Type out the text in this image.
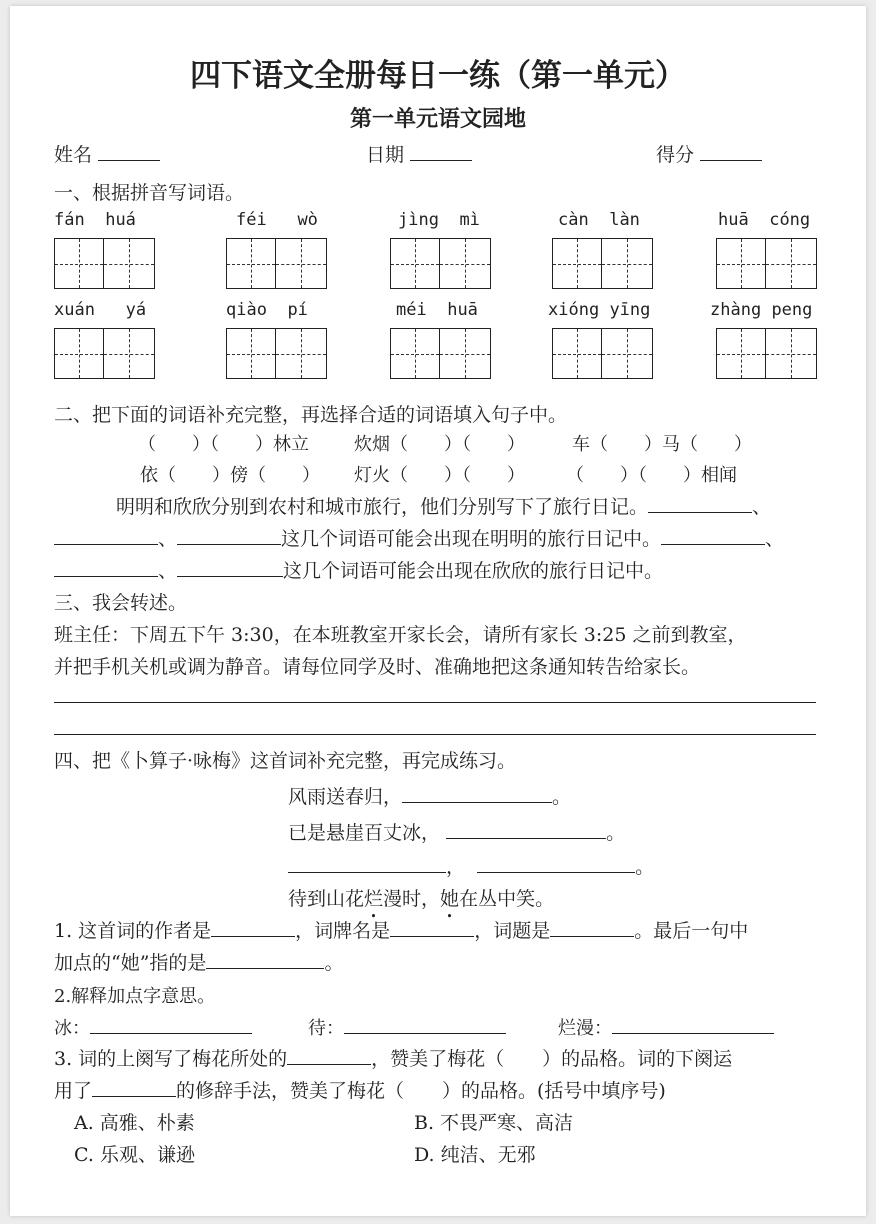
四下语文全册每日一练（第一单元）
第一单元语文园地
姓名	日期	得分
一、根据拼音写词语。
fán huá	féi wò	jìng mì	càn làn	huā cóng
xuán yá	qiào pí	méi huā	xióng yīng	zhàng peng
二、把下面的词语补充完整，再选择合适的词语填入句子中。
（　　）（　　）林立	炊烟（　　）（　　）	车（　　）马（　　）
依（　　）傍（　　） 灯火（　　）（　　） （　　）（　　）相闻
明明和欣欣分别到农村和城市旅行，他们分别写下了旅行日记。	、
、	这几个词语可能会出现在明明的旅行日记中。	、
、	这几个词语可能会出现在欣欣的旅行日记中。
三、我会转述。
班主任：下周五下午 3:30，在本班教室开家长会，请所有家长 3:25 之前到教室，
并把手机关机或调为静音。请每位同学及时、准确地把这条通知转告给家长。
四、把《卜算子·咏梅》这首词补充完整，再完成练习。
风雨送春归，	。
已是悬崖百丈冰，	。
，	。
待到山花烂漫时，她在丛中笑。
1. 这首词的作者是	，词牌名是	，词题是	。最后一句中
加点的“她”指的是	。
2.解释加点字意思。
冰：	待：	烂漫：
3. 词的上阕写了梅花所处的	，赞美了梅花（　　）的品格。词的下阕运
用了	的修辞手法，赞美了梅花（　　）的品格。(括号中填序号)
A. 高雅、朴素	B. 不畏严寒、高洁
C. 乐观、谦逊	D. 纯洁、无邪
